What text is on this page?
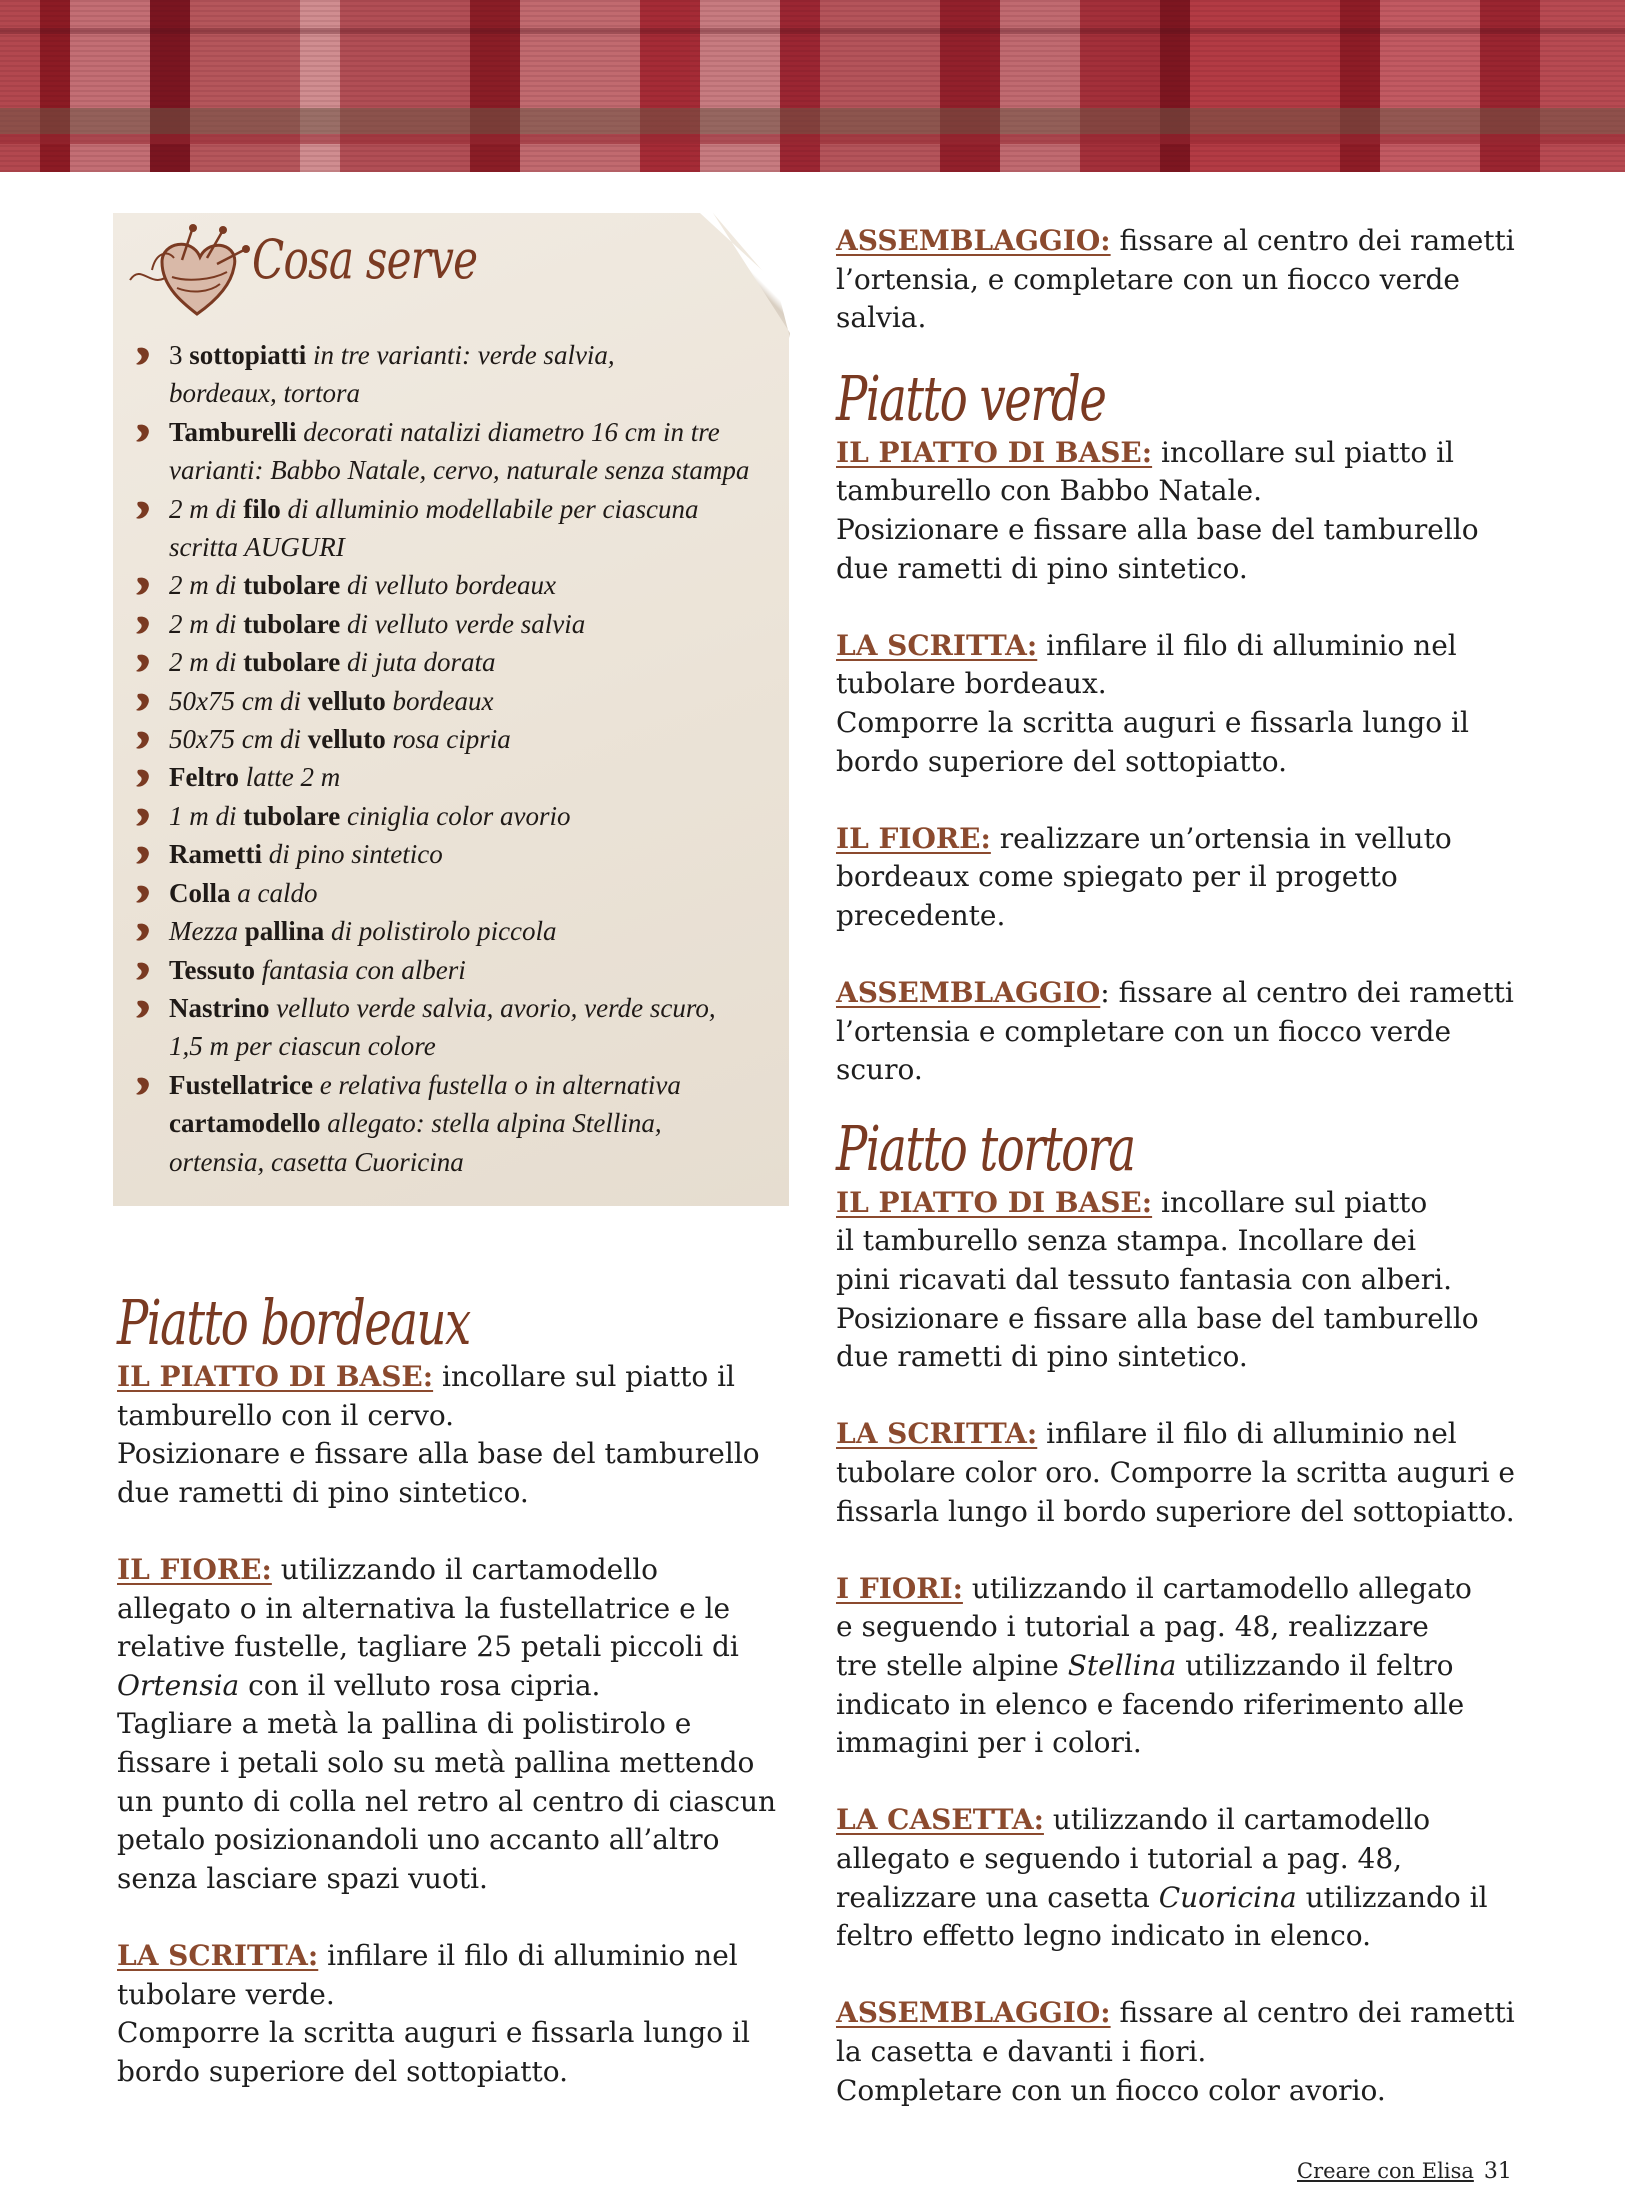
Cosa serve
3 sottopiatti in tre varianti: verde salvia,
bordeaux, tortora
Tamburelli decorati natalizi diametro 16 cm in tre
varianti: Babbo Natale, cervo, naturale senza stampa
2 m di filo di alluminio modellabile per ciascuna
scritta AUGURI
2 m di tubolare di velluto bordeaux
2 m di tubolare di velluto verde salvia
2 m di tubolare di juta dorata
50x75 cm di velluto bordeaux
50x75 cm di velluto rosa cipria
Feltro latte 2 m
1 m di tubolare ciniglia color avorio
Rametti di pino sintetico
Colla a caldo
Mezza pallina di polistirolo piccola
Tessuto fantasia con alberi
Nastrino velluto verde salvia, avorio, verde scuro,
1,5 m per ciascun colore
Fustellatrice e relativa fustella o in alternativa
cartamodello allegato: stella alpina Stellina,
ortensia, casetta Cuoricina
Piatto bordeaux

IL PIATTO DI BASE: incollare sul piatto il

tamburello con il cervo.

Posizionare e fissare alla base del tamburello

due rametti di pino sintetico.

IL FIORE: utilizzando il cartamodello

allegato o in alternativa la fustellatrice e le

relative fustelle, tagliare 25 petali piccoli di

Ortensia con il velluto rosa cipria.

Tagliare a metà la pallina di polistirolo e

fissare i petali solo su metà pallina mettendo

un punto di colla nel retro al centro di ciascun

petalo posizionandoli uno accanto all’altro

senza lasciare spazi vuoti.

LA SCRITTA: infilare il filo di alluminio nel

tubolare verde.

Comporre la scritta auguri e fissarla lungo il

bordo superiore del sottopiatto.

ASSEMBLAGGIO: fissare al centro dei rametti

l’ortensia, e completare con un fiocco verde salvia.

Piatto verde

IL PIATTO DI BASE: incollare sul piatto il

tamburello con Babbo Natale.

Posizionare e fissare alla base del tamburello

due rametti di pino sintetico.

LA SCRITTA: infilare il filo di alluminio nel

tubolare bordeaux.

Comporre la scritta auguri e fissarla lungo il

bordo superiore del sottopiatto.

IL FIORE: realizzare un’ortensia in velluto

bordeaux come spiegato per il progetto

precedente.

ASSEMBLAGGIO: fissare al centro dei rametti

l’ortensia e completare con un fiocco verde

scuro.

Piatto tortora

IL PIATTO DI BASE: incollare sul piatto

il tamburello senza stampa. Incollare dei

pini ricavati dal tessuto fantasia con alberi.

Posizionare e fissare alla base del tamburello

due rametti di pino sintetico.

LA SCRITTA: infilare il filo di alluminio nel

tubolare color oro. Comporre la scritta auguri e

fissarla lungo il bordo superiore del sottopiatto.

I FIORI: utilizzando il cartamodello allegato

e seguendo i tutorial a pag. 48, realizzare

tre stelle alpine Stellina utilizzando il feltro

indicato in elenco e facendo riferimento alle

immagini per i colori.

LA CASETTA: utilizzando il cartamodello

allegato e seguendo i tutorial a pag. 48,

realizzare una casetta Cuoricina utilizzando il

feltro effetto legno indicato in elenco.

ASSEMBLAGGIO: fissare al centro dei rametti

la casetta e davanti i fiori.

Completare con un fiocco color avorio.

Creare con Elisa 31
